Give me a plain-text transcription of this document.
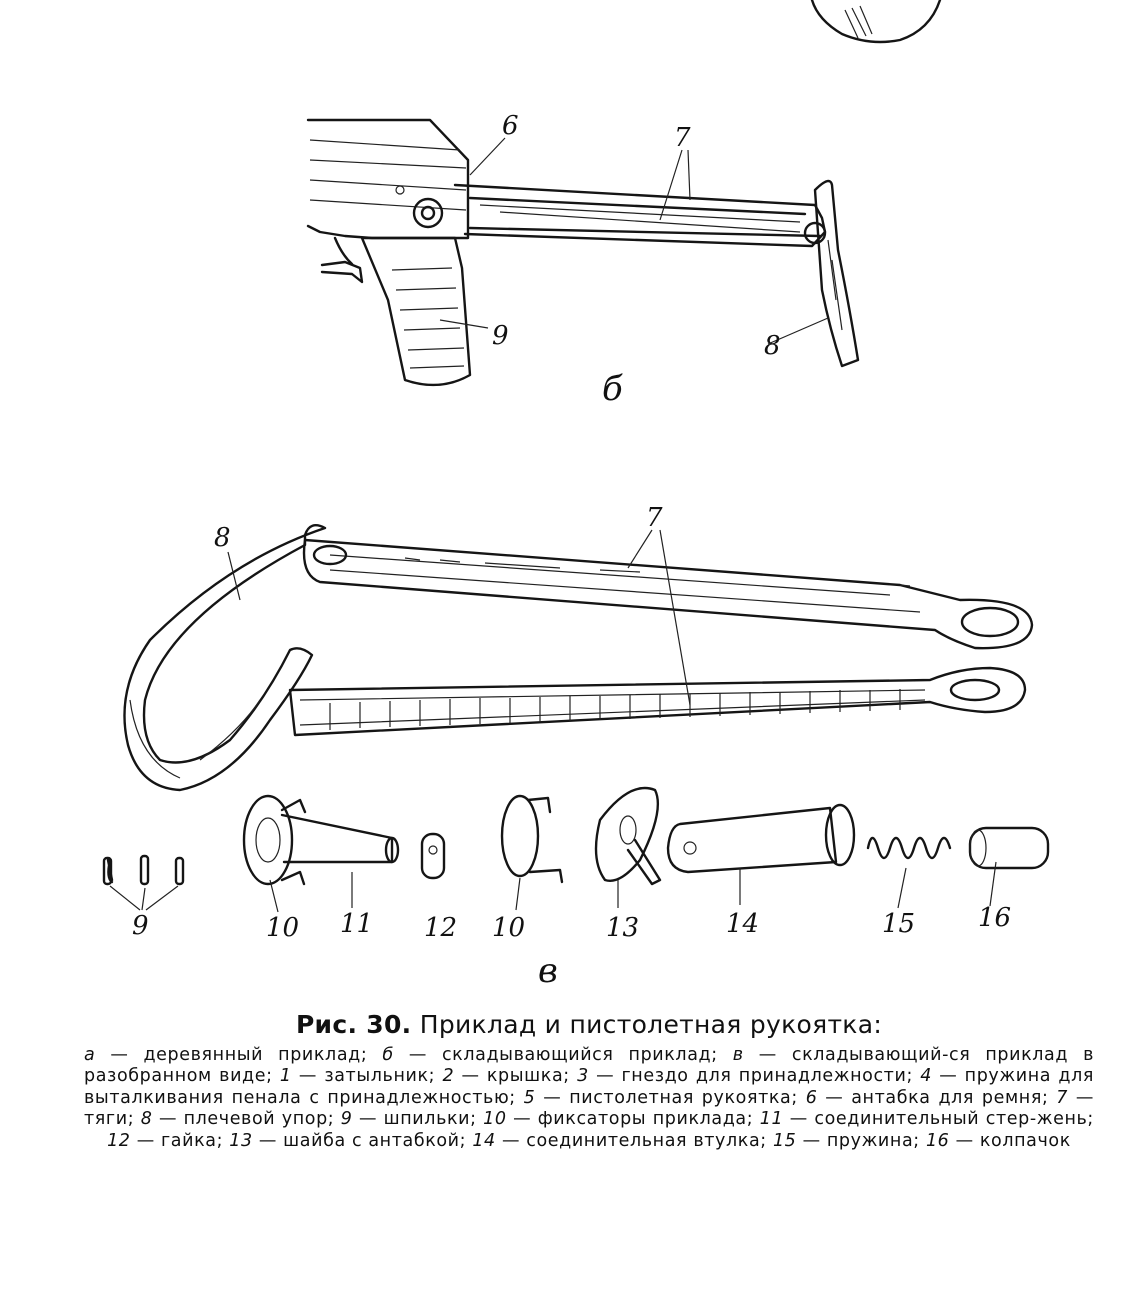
6	7
8
9
б
8
7
9	10 11 12 10	13	14	15 16
в
Рис. 30. Приклад и пистолетная рукоятка:
а — деревянный приклад; б — складывающийся приклад; в — складывающий-ся приклад в разобранном виде; 1 — затыльник; 2 — крышка; 3 — гнездо для принадлежности; 4 — пружина для выталкивания пенала с принадлежностью; 5 — пистолетная рукоятка; 6 — антабка для ремня; 7 — тяги; 8 — плечевой упор; 9 — шпильки; 10 — фиксаторы приклада; 11 — соединительный стер-жень; 12 — гайка; 13 — шайба с антабкой; 14 — соединительная втулка; 15 — пружина; 16 — колпачок
